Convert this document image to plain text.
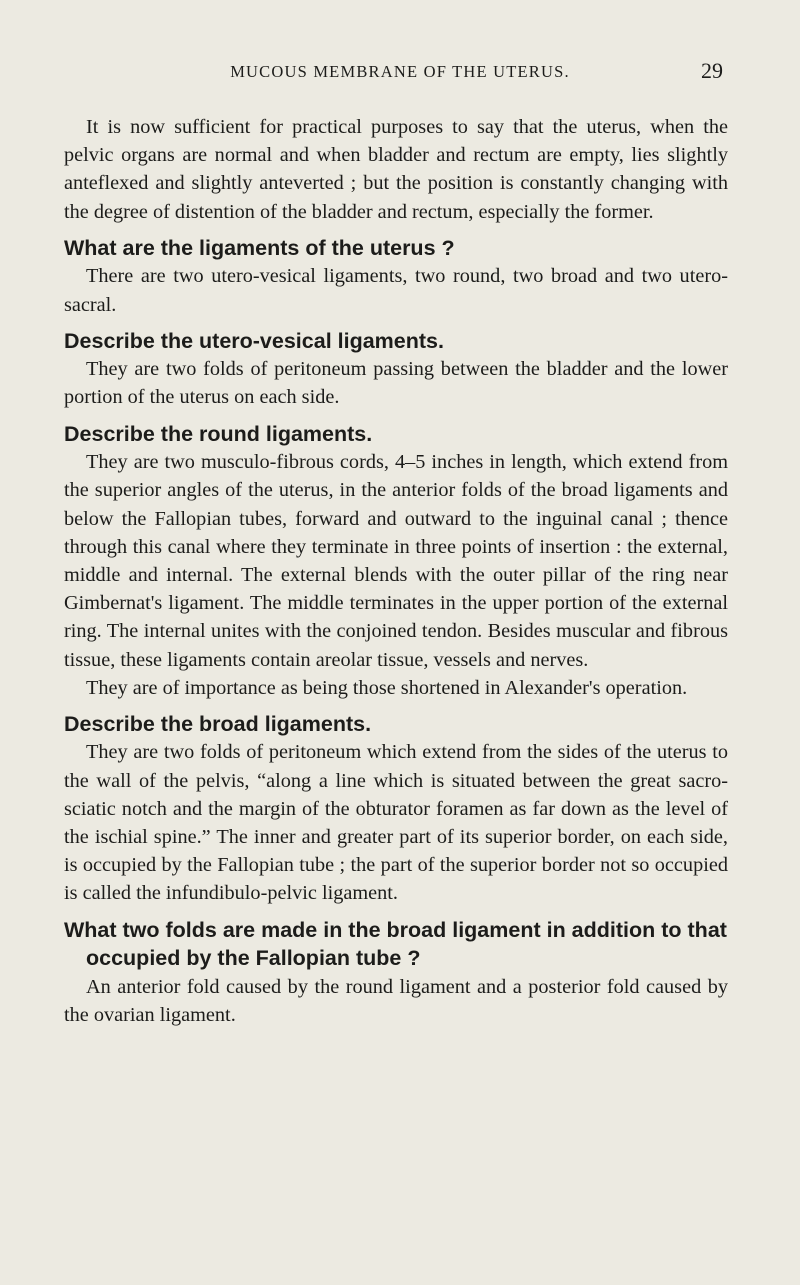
MUCOUS MEMBRANE OF THE UTERUS.	29

It is now sufficient for practical purposes to say that the uterus, when the pelvic organs are normal and when bladder and rectum are empty, lies slightly anteflexed and slightly anteverted ; but the position is constantly changing with the degree of distention of the bladder and rectum, especially the former.

What are the ligaments of the uterus ?

There are two utero-vesical ligaments, two round, two broad and two utero-sacral.

Describe the utero-vesical ligaments.

They are two folds of peritoneum passing between the bladder and the lower portion of the uterus on each side.

Describe the round ligaments.

They are two musculo-fibrous cords, 4–5 inches in length, which extend from the superior angles of the uterus, in the anterior folds of the broad ligaments and below the Fallopian tubes, forward and outward to the inguinal canal ; thence through this canal where they terminate in three points of insertion : the external, middle and internal. The external blends with the outer pillar of the ring near Gimbernat's ligament. The middle terminates in the upper portion of the external ring. The internal unites with the conjoined tendon. Besides muscular and fibrous tissue, these ligaments contain areolar tissue, vessels and nerves.

They are of importance as being those shortened in Alexander's operation.

Describe the broad ligaments.

They are two folds of peritoneum which extend from the sides of the uterus to the wall of the pelvis, “along a line which is situated between the great sacro-sciatic notch and the margin of the obturator foramen as far down as the level of the ischial spine.” The inner and greater part of its superior border, on each side, is occupied by the Fallopian tube ; the part of the superior border not so occupied is called the infundibulo-pelvic ligament.

What two folds are made in the broad ligament in addition to that occupied by the Fallopian tube ?

An anterior fold caused by the round ligament and a posterior fold caused by the ovarian ligament.
